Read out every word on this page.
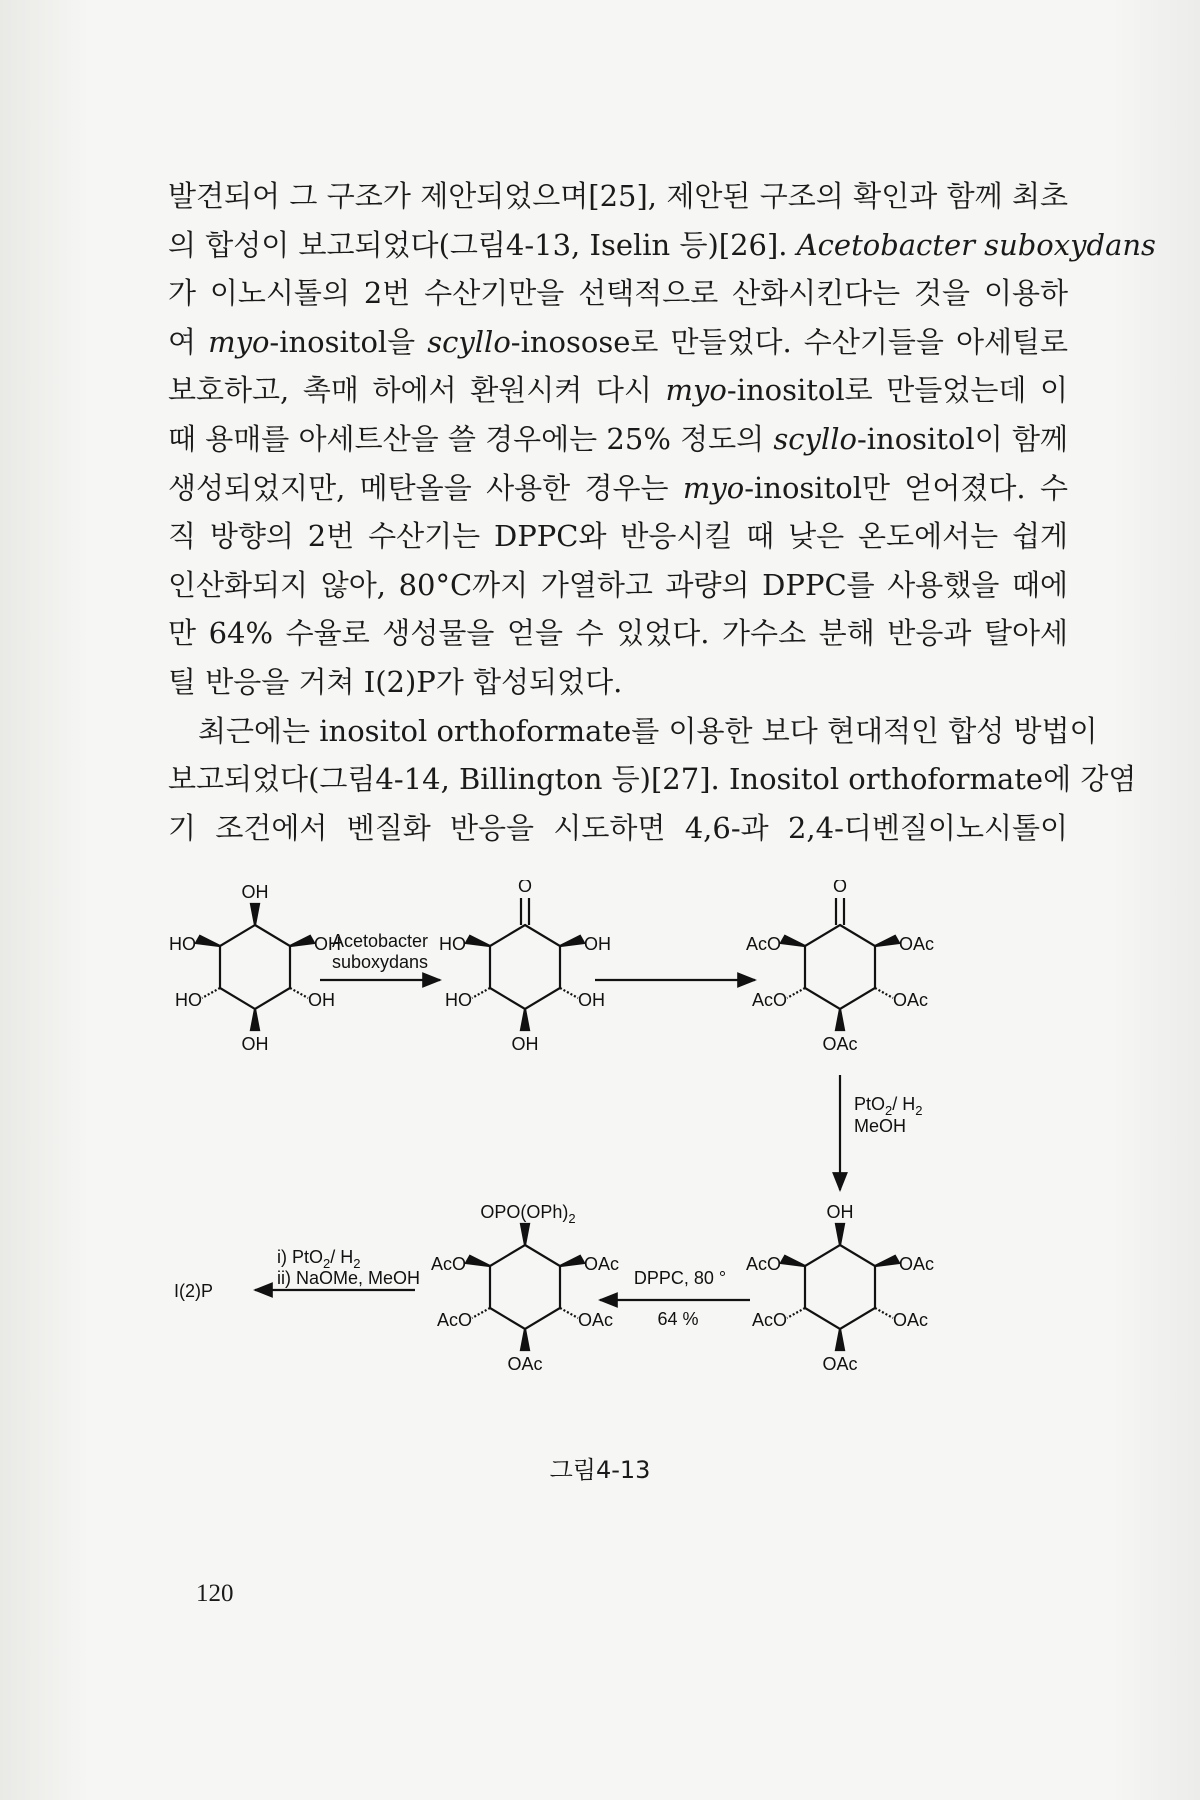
발견되어 그 구조가 제안되었으며[25], 제안된 구조의 확인과 함께 최초
의 합성이 보고되었다(그림4-13, Iselin 등)[26]. Acetobacter suboxydans
가 이노시톨의 2번 수산기만을 선택적으로 산화시킨다는 것을 이용하
여 myo-inositol을 scyllo-inosose로 만들었다. 수산기들을 아세틸로
보호하고, 촉매 하에서 환원시켜 다시 myo-inositol로 만들었는데 이
때 용매를 아세트산을 쓸 경우에는 25% 정도의 scyllo-inositol이 함께
생성되었지만, 메탄올을 사용한 경우는 myo-inositol만 얻어졌다. 수
직 방향의 2번 수산기는 DPPC와 반응시킬 때 낮은 온도에서는 쉽게
인산화되지 않아, 80°C까지 가열하고 과량의 DPPC를 사용했을 때에
만 64% 수율로 생성물을 얻을 수 있었다. 가수소 분해 반응과 탈아세
틸 반응을 거쳐 I(2)P가 합성되었다.

최근에는 inositol orthoformate를 이용한 보다 현대적인 합성 방법이
보고되었다(그림4-14, Billington 등)[27]. Inositol orthoformate에 강염
기 조건에서 벤질화 반응을 시도하면 4,6-과 2,4-디벤질이노시톨이

OH
OH
HO
HO	OH
OH
Acetobacter
suboxydans
O
OH
HO
HO	OH
OH
O
OAc
AcO
AcO	OAc
OAc
PtO$_2$/ $H_2$
MeOH
OH
OAc
AcO
AcO	OAc
OAc
DPPC, 80 °
64 %
$OPO(OPh)_2$
OAc
AcO
AcO	OAc
OAc
i) PtO$_2$/ $H_2$
ii) NaOMe, MeOH
I(2)P
그림4-13
120
